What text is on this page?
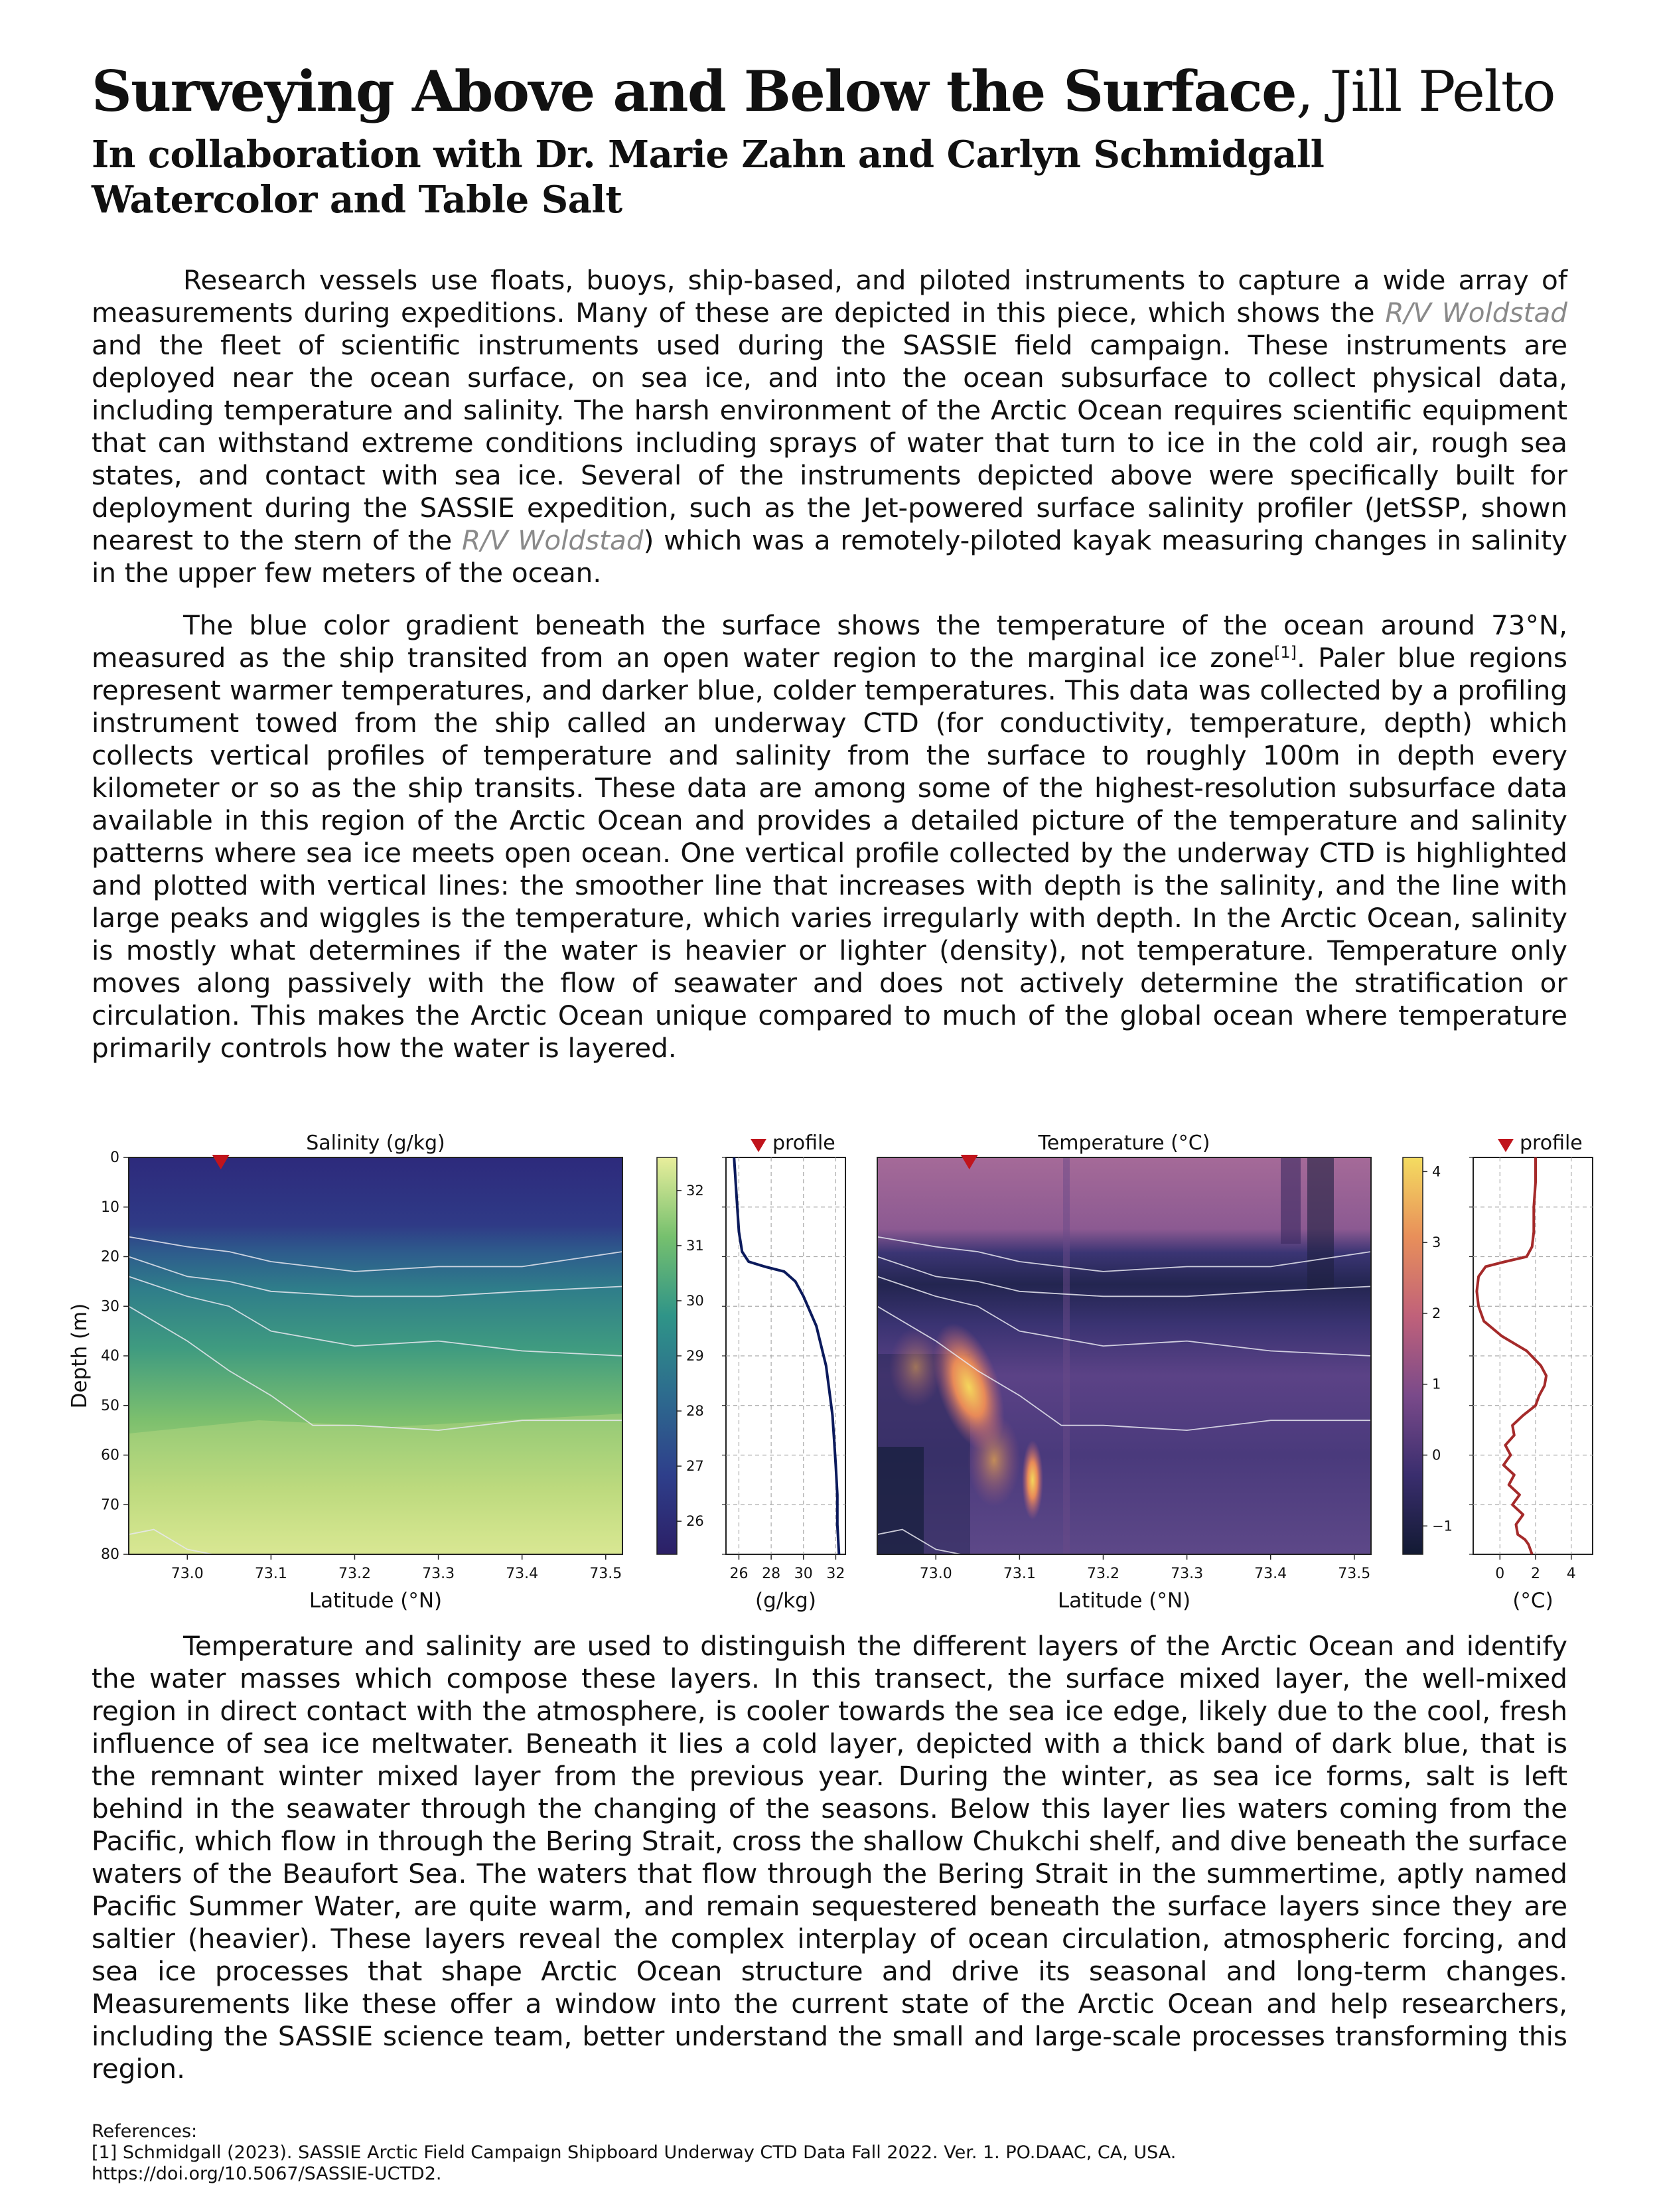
Surveying Above and Below the Surface, Jill Pelto
In collaboration with Dr. Marie Zahn and Carlyn Schmidgall
Watercolor and Table Salt

Research vessels use floats, buoys, ship-based, and piloted instruments to capture a wide array of measurements during expeditions. Many of these are depicted in this piece, which shows the R/V Woldstad and the fleet of scientific instruments used during the SASSIE field campaign. These instruments are deployed near the ocean surface, on sea ice, and into the ocean subsurface to collect physical data, including temperature and salinity. The harsh environment of the Arctic Ocean requires scientific equipment that can withstand extreme conditions including sprays of water that turn to ice in the cold air, rough sea states, and contact with sea ice. Several of the instruments depicted above were specifically built for deployment during the SASSIE expedition, such as the Jet-powered surface salinity profiler (JetSSP, shown nearest to the stern of the R/V Woldstad) which was a remotely-piloted kayak measuring changes in salinity in the upper few meters of the ocean.

The blue color gradient beneath the surface shows the temperature of the ocean around 73°N, measured as the ship transited from an open water region to the marginal ice zone[1]. Paler blue regions represent warmer temperatures, and darker blue, colder temperatures. This data was collected by a profiling instrument towed from the ship called an underway CTD (for conductivity, temperature, depth) which collects vertical profiles of temperature and salinity from the surface to roughly 100m in depth every kilometer or so as the ship transits. These data are among some of the highest-resolution subsurface data available in this region of the Arctic Ocean and provides a detailed picture of the temperature and salinity patterns where sea ice meets open ocean. One vertical profile collected by the underway CTD is highlighted and plotted with vertical lines: the smoother line that increases with depth is the salinity, and the line with large peaks and wiggles is the temperature, which varies irregularly with depth. In the Arctic Ocean, salinity is mostly what determines if the water is heavier or lighter (density), not temperature. Temperature only moves along passively with the flow of seawater and does not actively determine the stratification or circulation. This makes the Arctic Ocean unique compared to much of the global ocean where temperature primarily controls how the water is layered.

73.0	73.1	73.2	73.3	73.4	73.5
0
10
20
30
40
50
60
70
80
73.0	73.1	73.2	73.3	73.4	73.5
26
27
28
29
30
31
32
−1
0
1
2
3
4
26 28 30 32	0 2 4
Salinity (g/kg)	Temperature (°C)
profile	profile
Latitude (°N)	Latitude (°N)
(g/kg)	(°C)
Depth (m)

Temperature and salinity are used to distinguish the different layers of the Arctic Ocean and identify the water masses which compose these layers. In this transect, the surface mixed layer, the well-mixed region in direct contact with the atmosphere, is cooler towards the sea ice edge, likely due to the cool, fresh influence of sea ice meltwater. Beneath it lies a cold layer, depicted with a thick band of dark blue, that is the remnant winter mixed layer from the previous year. During the winter, as sea ice forms, salt is left behind in the seawater through the changing of the seasons. Below this layer lies waters coming from the Pacific, which flow in through the Bering Strait, cross the shallow Chukchi shelf, and dive beneath the surface waters of the Beaufort Sea. The waters that flow through the Bering Strait in the summertime, aptly named Pacific Summer Water, are quite warm, and remain sequestered beneath the surface layers since they are saltier (heavier). These layers reveal the complex interplay of ocean circulation, atmospheric forcing, and sea ice processes that shape Arctic Ocean structure and drive its seasonal and long-term changes. Measurements like these offer a window into the current state of the Arctic Ocean and help researchers, including the SASSIE science team, better understand the small and large-scale processes transforming this region.

References:
[1] Schmidgall (2023). SASSIE Arctic Field Campaign Shipboard Underway CTD Data Fall 2022. Ver. 1. PO.DAAC, CA, USA.
https://doi.org/10.5067/SASSIE-UCTD2.
